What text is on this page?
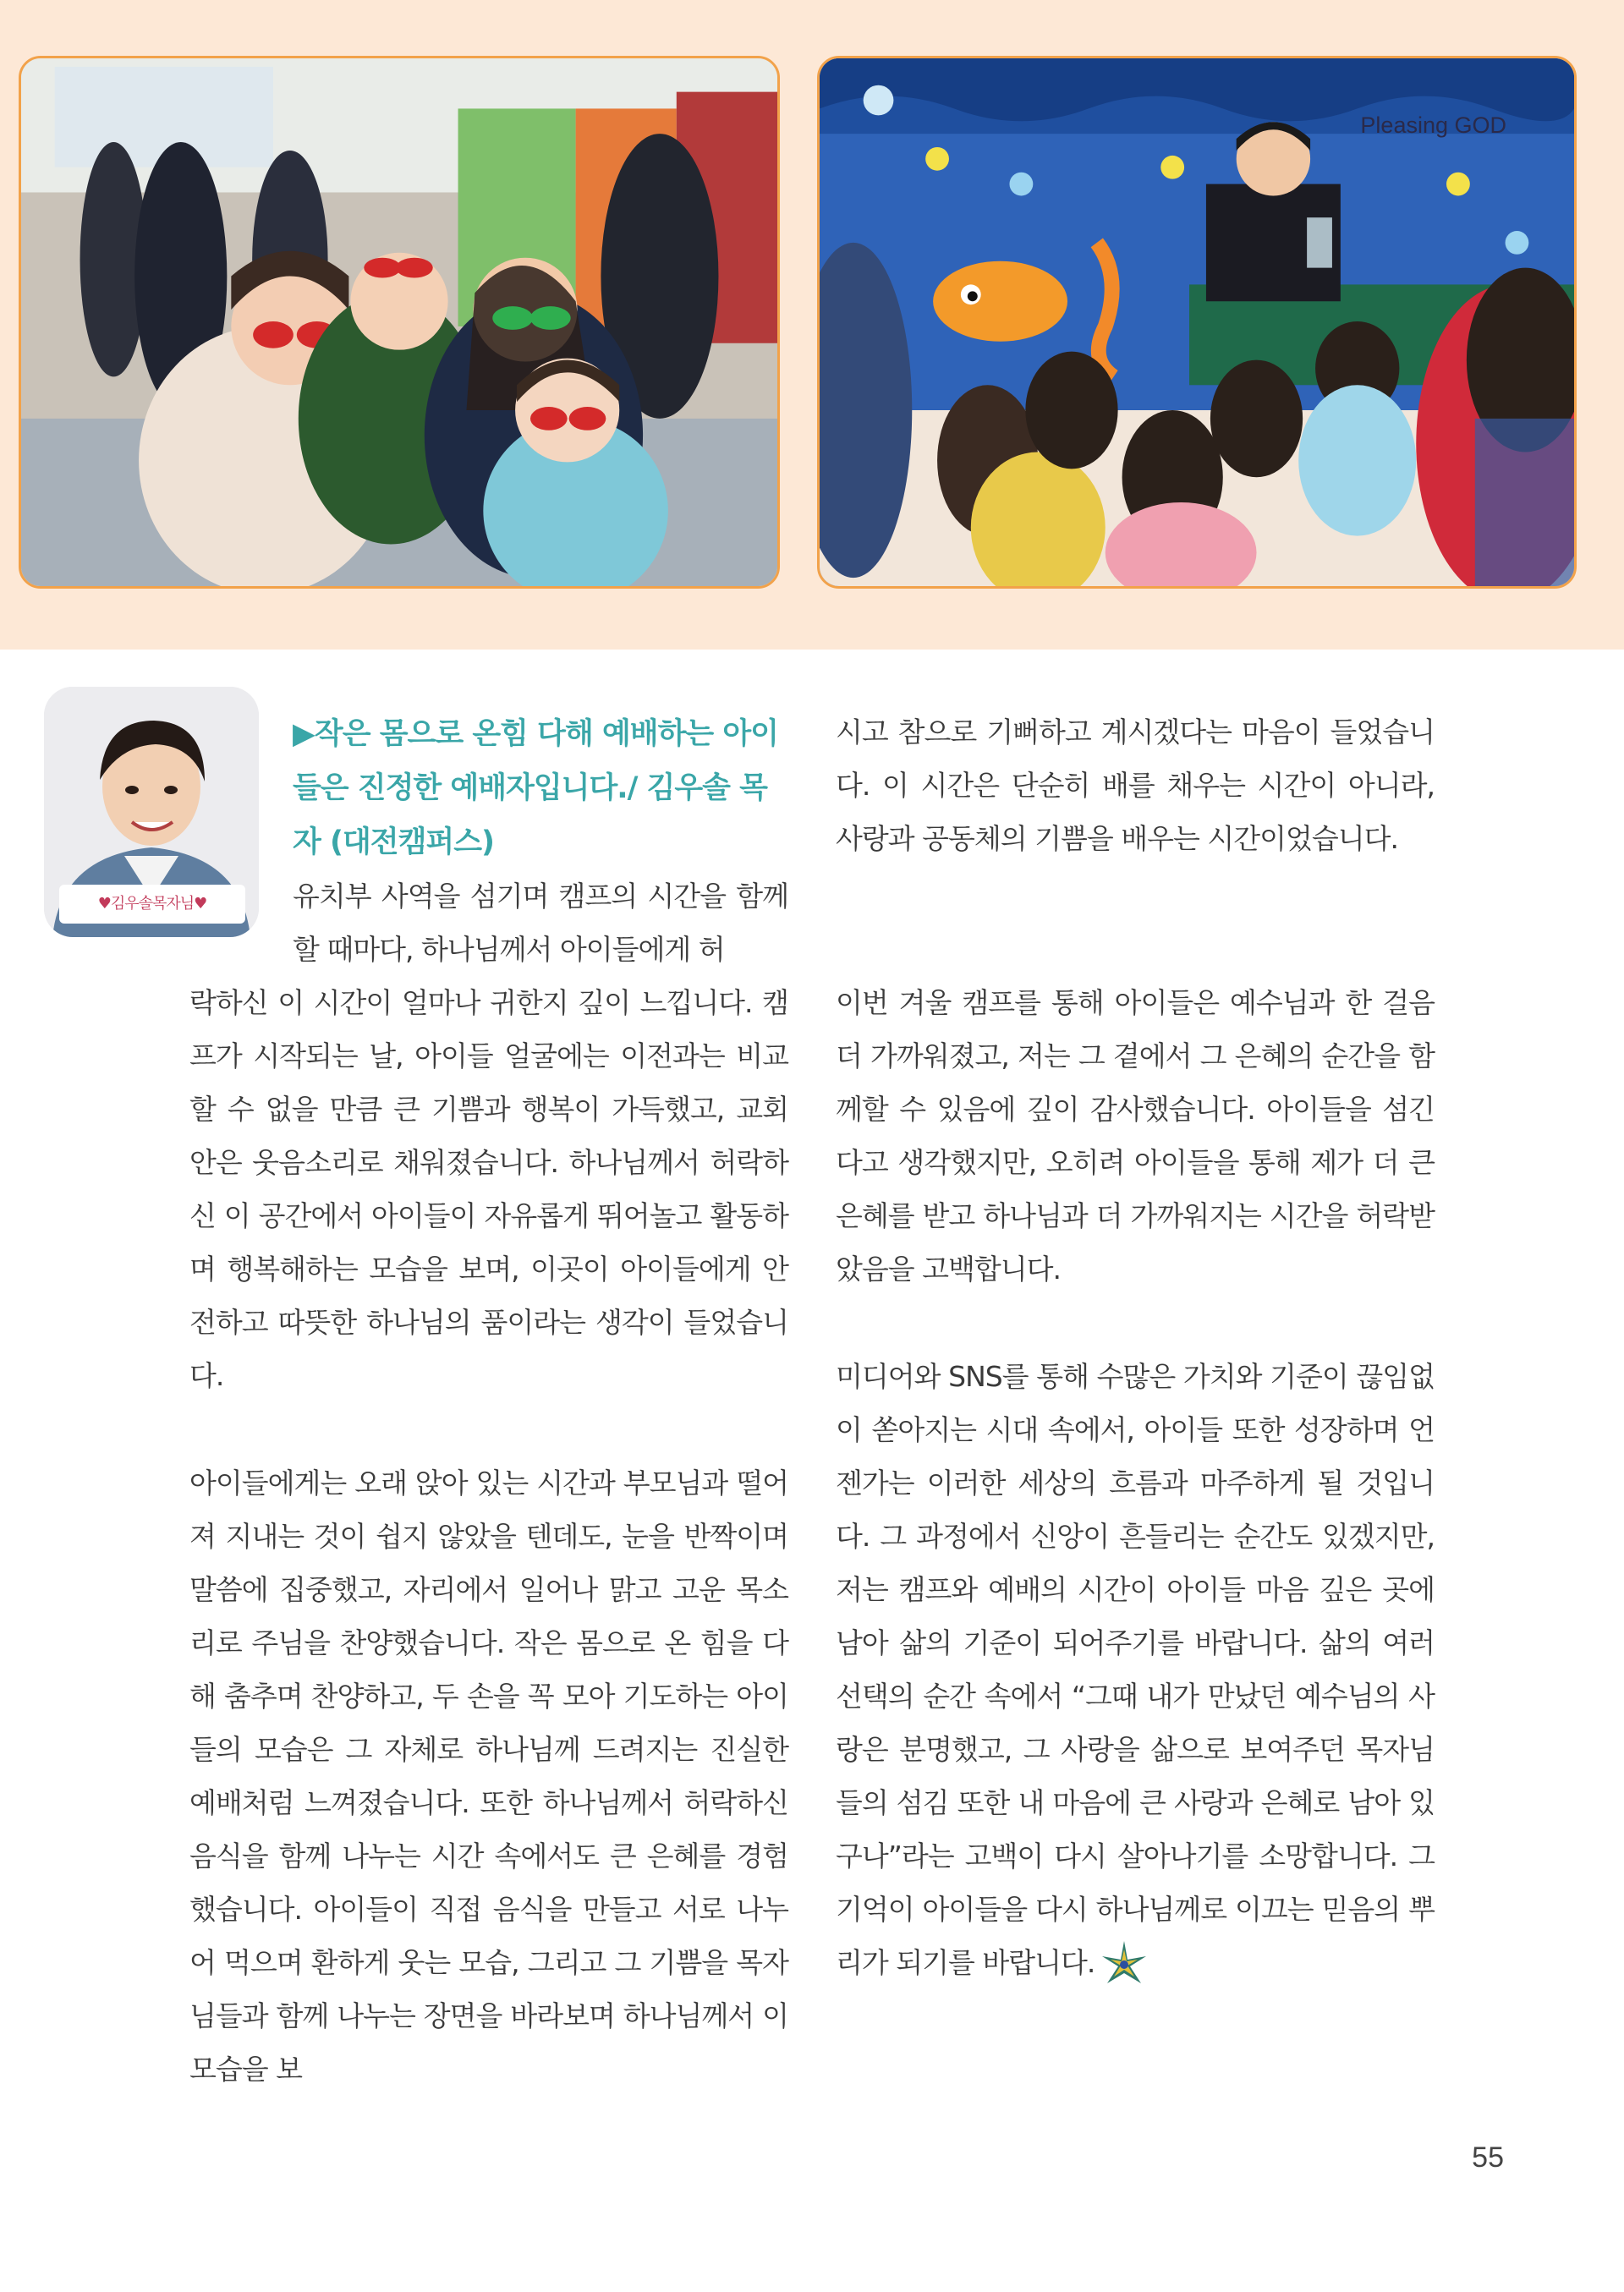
Pleasing GOD
♥김우솔목자님♥
▶작은 몸으로 온힘 다해 예배하는 아이들은 진정한 예배자입니다./ 김우솔 목자 (대전캠퍼스)
유치부 사역을 섬기며 캠프의 시간을 함께할 때마다, 하나님께서 아이들에게 허
락하신 이 시간이 얼마나 귀한지 깊이 느낍니다. 캠프가 시작되는 날, 아이들 얼굴에는 이전과는 비교할 수 없을 만큼 큰 기쁨과 행복이 가득했고, 교회 안은 웃음소리로 채워졌습니다. 하나님께서 허락하신 이 공간에서 아이들이 자유롭게 뛰어놀고 활동하며 행복해하는 모습을 보며, 이곳이 아이들에게 안전하고 따뜻한 하나님의 품이라는 생각이 들었습니다.
아이들에게는 오래 앉아 있는 시간과 부모님과 떨어져 지내는 것이 쉽지 않았을 텐데도, 눈을 반짝이며 말씀에 집중했고, 자리에서 일어나 맑고 고운 목소리로 주님을 찬양했습니다. 작은 몸으로 온 힘을 다해 춤추며 찬양하고, 두 손을 꼭 모아 기도하는 아이들의 모습은 그 자체로 하나님께 드려지는 진실한 예배처럼 느껴졌습니다. 또한 하나님께서 허락하신 음식을 함께 나누는 시간 속에서도 큰 은혜를 경험했습니다. 아이들이 직접 음식을 만들고 서로 나누어 먹으며 환하게 웃는 모습, 그리고 그 기쁨을 목자님들과 함께 나누는 장면을 바라보며 하나님께서 이 모습을 보
시고 참으로 기뻐하고 계시겠다는 마음이 들었습니다. 이 시간은 단순히 배를 채우는 시간이 아니라, 사랑과 공동체의 기쁨을 배우는 시간이었습니다.
이번 겨울 캠프를 통해 아이들은 예수님과 한 걸음 더 가까워졌고, 저는 그 곁에서 그 은혜의 순간을 함께할 수 있음에 깊이 감사했습니다. 아이들을 섬긴다고 생각했지만, 오히려 아이들을 통해 제가 더 큰 은혜를 받고 하나님과 더 가까워지는 시간을 허락받았음을 고백합니다.
미디어와 SNS를 통해 수많은 가치와 기준이 끊임없이 쏟아지는 시대 속에서, 아이들 또한 성장하며 언젠가는 이러한 세상의 흐름과 마주하게 될 것입니다. 그 과정에서 신앙이 흔들리는 순간도 있겠지만, 저는 캠프와 예배의 시간이 아이들 마음 깊은 곳에 남아 삶의 기준이 되어주기를 바랍니다. 삶의 여러 선택의 순간 속에서 “그때 내가 만났던 예수님의 사랑은 분명했고, 그 사랑을 삶으로 보여주던 목자님들의 섬김 또한 내 마음에 큰 사랑과 은혜로 남아 있구나”라는 고백이 다시 살아나기를 소망합니다. 그 기억이 아이들을 다시 하나님께로 이끄는 믿음의 뿌리가 되기를 바랍니다.
55
